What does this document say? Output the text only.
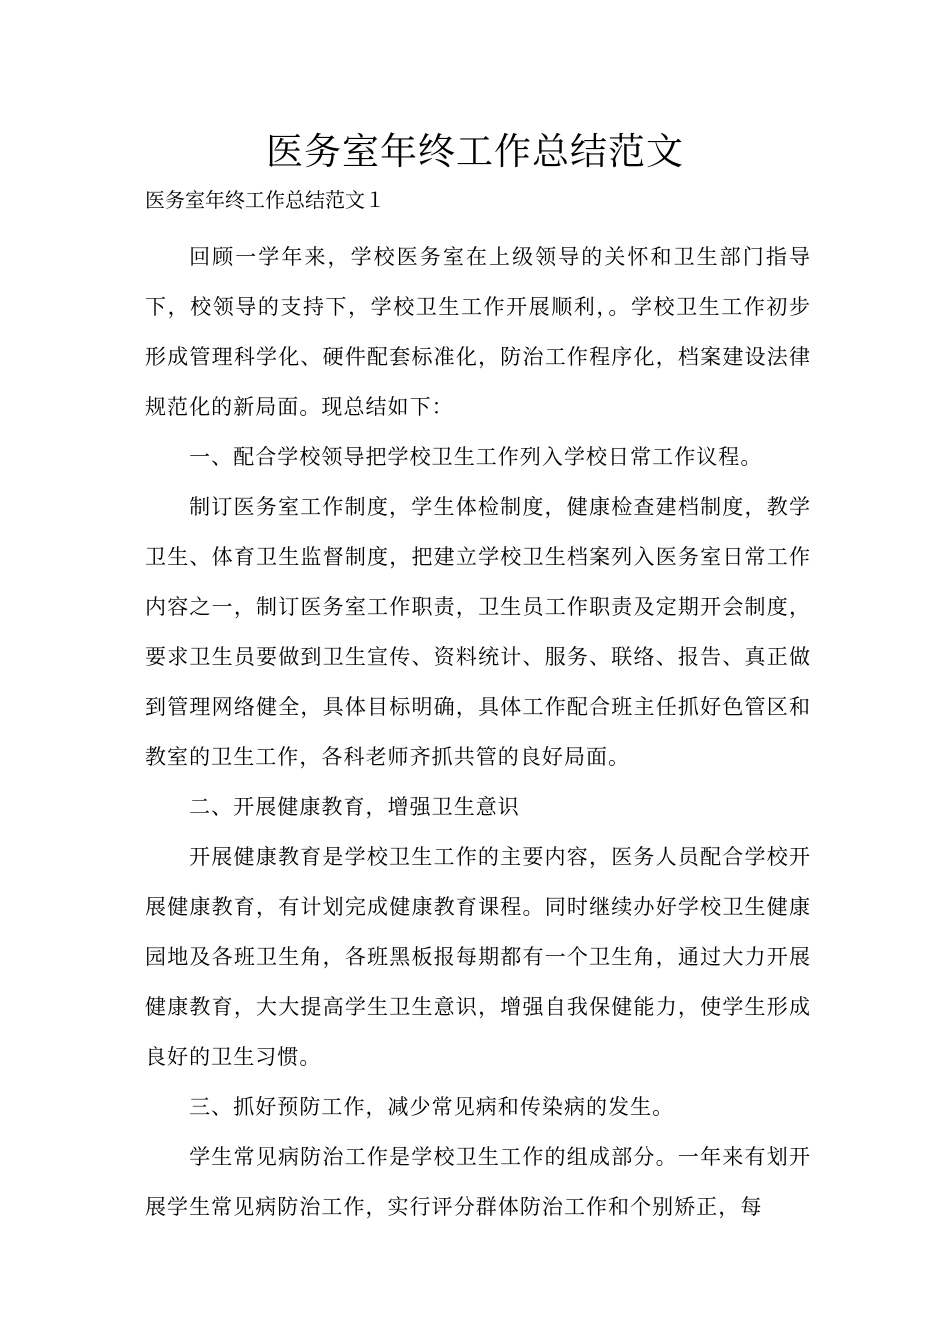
医务室年终工作总结范文

医务室年终工作总结范文１

回顾一学年来，学校医务室在上级领导的关怀和卫生部门指导下，校领导的支持下，学校卫生工作开展顺利，。学校卫生工作初步形成管理科学化、硬件配套标准化，防治工作程序化，档案建设法律规范化的新局面。现总结如下：

一、配合学校领导把学校卫生工作列入学校日常工作议程。

制订医务室工作制度，学生体检制度，健康检查建档制度，教学卫生、体育卫生监督制度，把建立学校卫生档案列入医务室日常工作内容之一，制订医务室工作职责，卫生员工作职责及定期开会制度，要求卫生员要做到卫生宣传、资料统计、服务、联络、报告、真正做到管理网络健全，具体目标明确，具体工作配合班主任抓好色管区和教室的卫生工作，各科老师齐抓共管的良好局面。

二、开展健康教育，增强卫生意识

开展健康教育是学校卫生工作的主要内容，医务人员配合学校开展健康教育，有计划完成健康教育课程。同时继续办好学校卫生健康园地及各班卫生角，各班黑板报每期都有一个卫生角，通过大力开展健康教育，大大提高学生卫生意识，增强自我保健能力，使学生形成良好的卫生习惯。

三、抓好预防工作，减少常见病和传染病的发生。

学生常见病防治工作是学校卫生工作的组成部分。一年来有划开展学生常见病防治工作，实行评分群体防治工作和个别矫正，每
